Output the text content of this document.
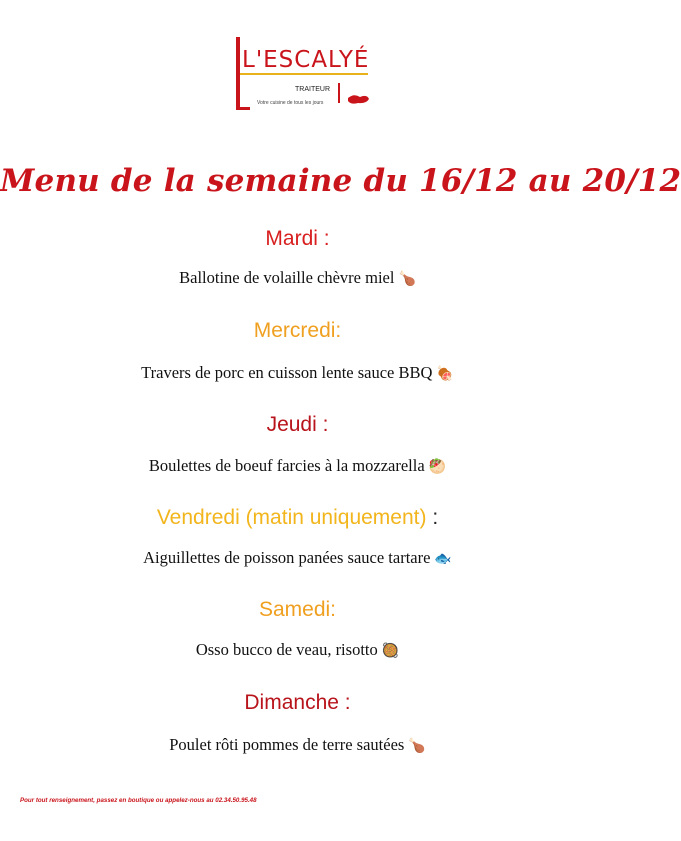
L'ESCALYÉ
TRAITEUR
Votre cuisine de tous les jours
Menu de la semaine du 16/12 au 20/12
Mardi :
Ballotine de volaille chèvre miel 🍗
Mercredi:
Travers de porc en cuisson lente sauce BBQ 🍖
Jeudi :
Boulettes de boeuf farcies à la mozzarella 🥙
Vendredi (matin uniquement) :
Aiguillettes de poisson panées sauce tartare 🐟
Samedi:
Osso bucco de veau, risotto 🥘
Dimanche :
Poulet rôti pommes de terre sautées 🍗
Pour tout renseignement, passez en boutique ou appelez-nous au 02.34.50.95.48
